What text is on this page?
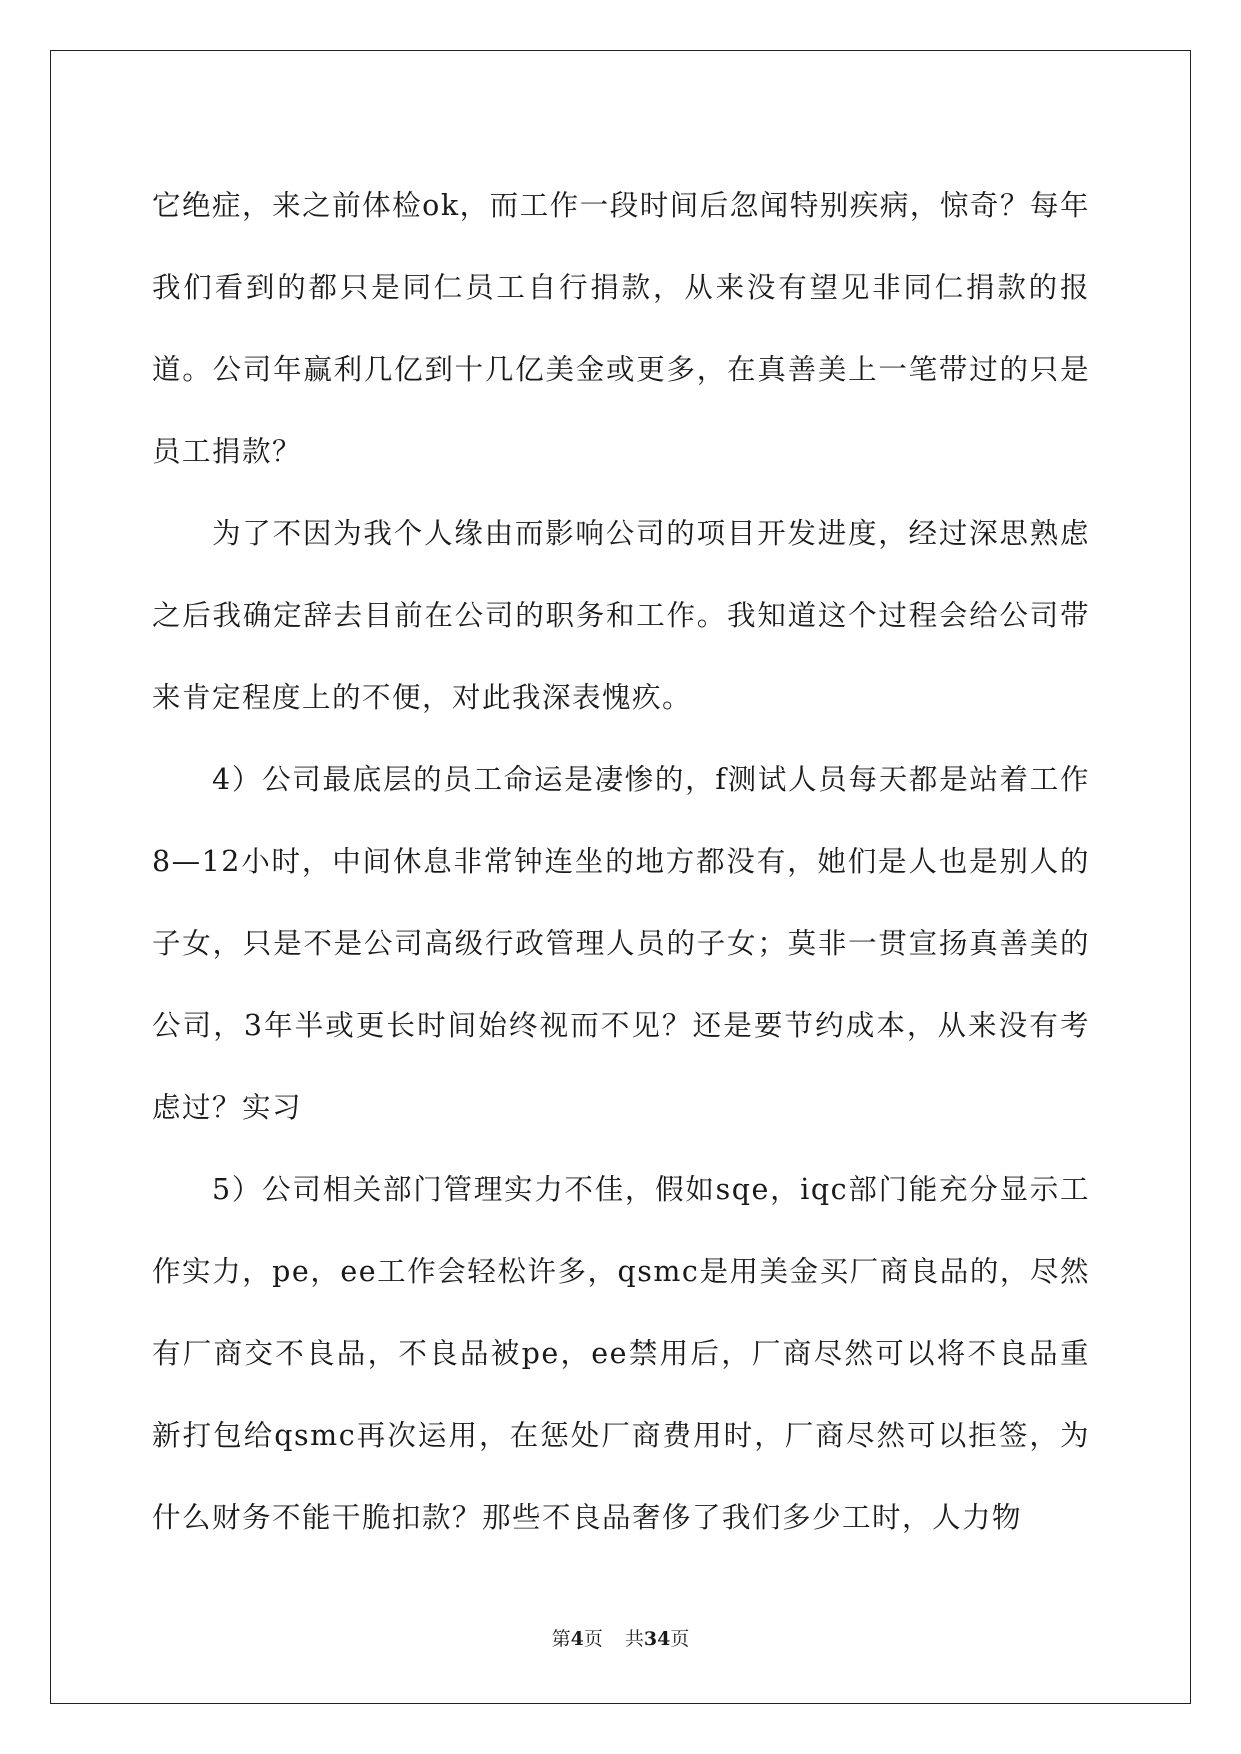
它绝症，来之前体检ok，而工作一段时间后忽闻特别疾病，惊奇？每年我们看到的都只是同仁员工自行捐款，从来没有望见非同仁捐款的报道。公司年赢利几亿到十几亿美金或更多，在真善美上一笔带过的只是员工捐款？

为了不因为我个人缘由而影响公司的项目开发进度，经过深思熟虑之后我确定辞去目前在公司的职务和工作。我知道这个过程会给公司带来肯定程度上的不便，对此我深表愧疚。

4）公司最底层的员工命运是凄惨的，f测试人员每天都是站着工作8—12小时，中间休息非常钟连坐的地方都没有，她们是人也是别人的子女，只是不是公司高级行政管理人员的子女；莫非一贯宣扬真善美的公司，3年半或更长时间始终视而不见？还是要节约成本，从来没有考虑过？实习

5）公司相关部门管理实力不佳，假如sqe，iqc部门能充分显示工作实力，pe，ee工作会轻松许多，qsmc是用美金买厂商良品的，尽然有厂商交不良品，不良品被pe，ee禁用后，厂商尽然可以将不良品重新打包给qsmc再次运用，在惩处厂商费用时，厂商尽然可以拒签，为什么财务不能干脆扣款？那些不良品奢侈了我们多少工时，人力物

第4页 共34页
